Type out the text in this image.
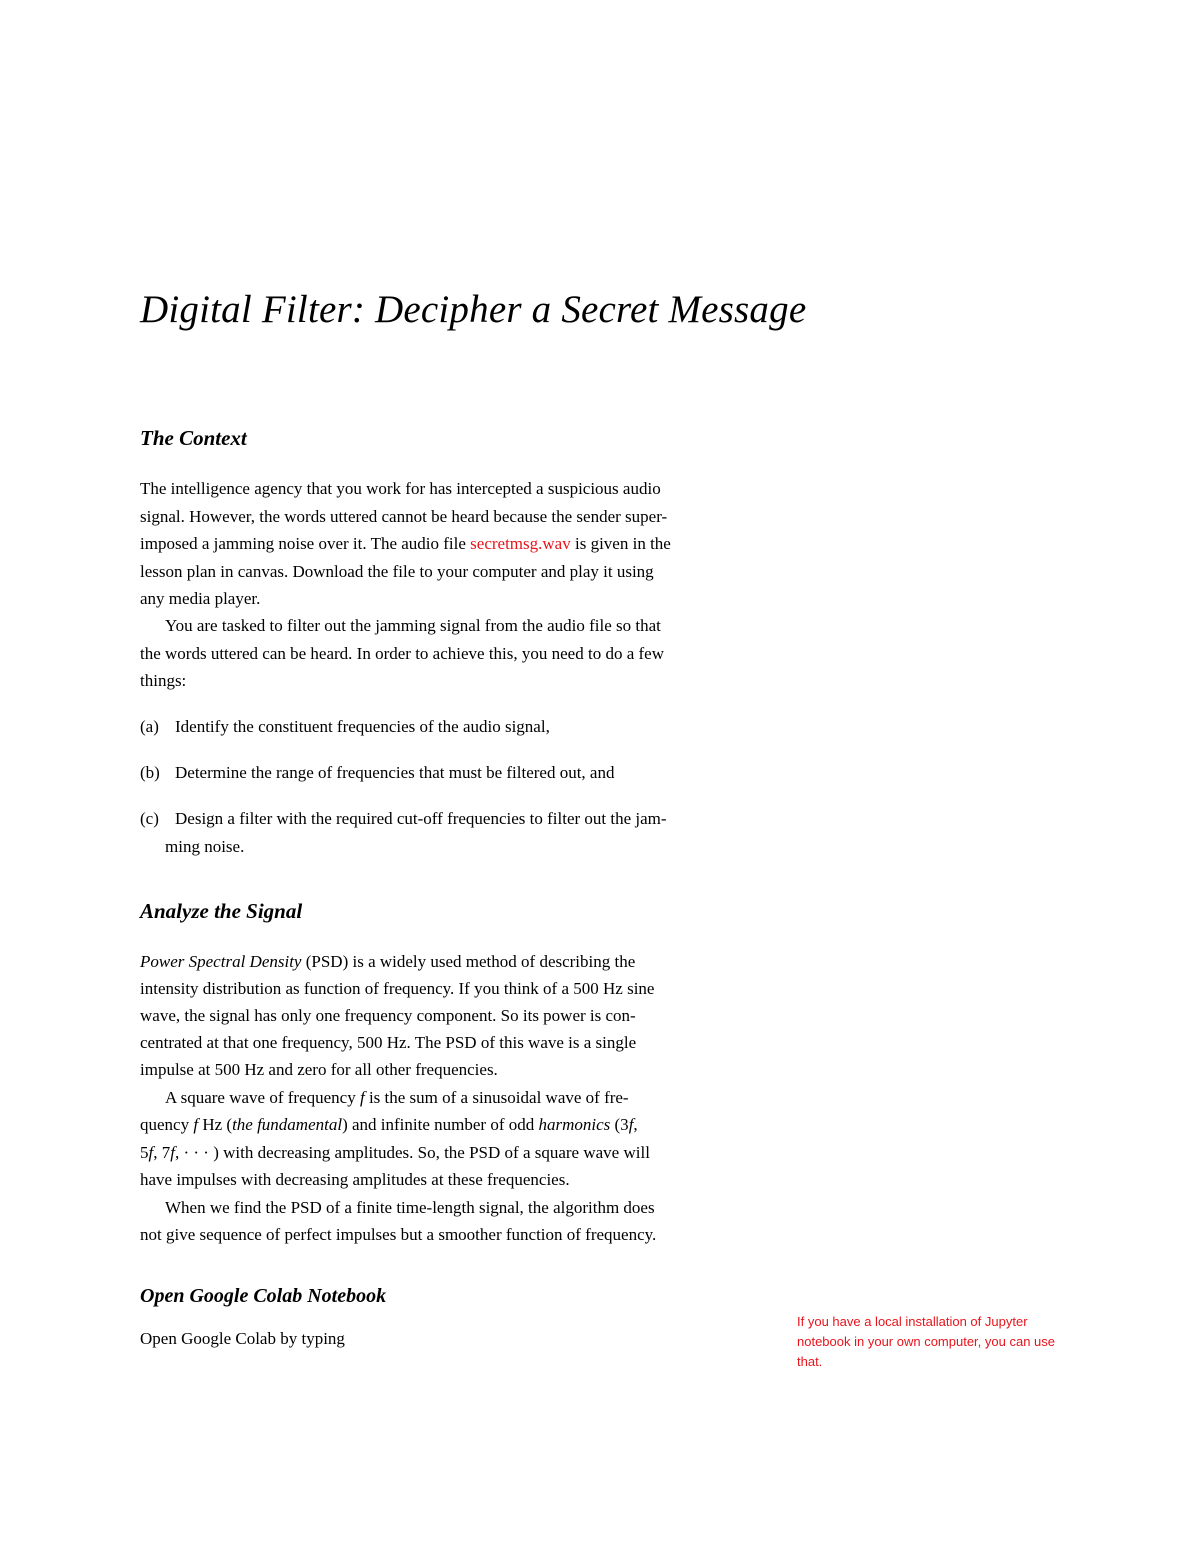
Digital Filter: Decipher a Secret Message
The Context
The intelligence agency that you work for has intercepted a suspicious audio
signal. However, the words uttered cannot be heard because the sender super-
imposed a jamming noise over it. The audio file secretmsg.wav is given in the
lesson plan in canvas. Download the file to your computer and play it using
any media player.
You are tasked to filter out the jamming signal from the audio file so that
the words uttered can be heard. In order to achieve this, you need to do a few
things:
(a) Identify the constituent frequencies of the audio signal,
(b) Determine the range of frequencies that must be filtered out, and
(c) Design a filter with the required cut-off frequencies to filter out the jam-
ming noise.
Analyze the Signal
Power Spectral Density (PSD) is a widely used method of describing the
intensity distribution as function of frequency. If you think of a 500 Hz sine
wave, the signal has only one frequency component. So its power is con-
centrated at that one frequency, 500 Hz. The PSD of this wave is a single
impulse at 500 Hz and zero for all other frequencies.
A square wave of frequency f is the sum of a sinusoidal wave of fre-
quency f Hz (the fundamental) and infinite number of odd harmonics (3f,
5f, 7f, · · · ) with decreasing amplitudes. So, the PSD of a square wave will
have impulses with decreasing amplitudes at these frequencies.
When we find the PSD of a finite time-length signal, the algorithm does
not give sequence of perfect impulses but a smoother function of frequency.
Open Google Colab Notebook
Open Google Colab by typing
If you have a local installation of Jupyter
notebook in your own computer, you can use
that.
